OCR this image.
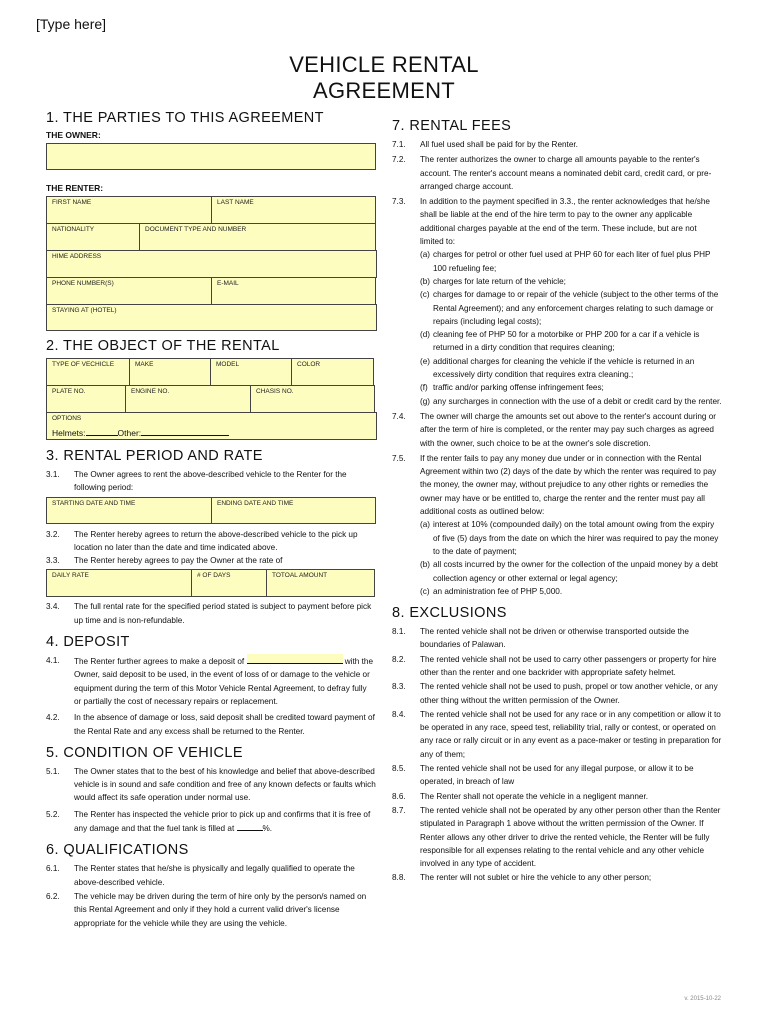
[Type here]
VEHICLE RENTAL
AGREEMENT
1. THE PARTIES TO THIS AGREEMENT
THE OWNER:
THE RENTER:
FIRST NAME	LAST NAME
NATIONALITY	DOCUMENT TYPE AND NUMBER
HIME ADDRESS
PHONE NUMBER(S)	E-MAIL
STAYING AT (HOTEL)
2. THE OBJECT OF THE RENTAL
TYPE OF VECHICLE	MAKE	MODEL	COLOR
PLATE NO.	ENGINE NO.	CHASIS NO.
OPTIONS
Helmets:	Other:
3. RENTAL PERIOD AND RATE
3.1.	The Owner agrees to rent the above-described vehicle to the Renter for the following period:
STARTING DATE AND TIME	ENDING DATE AND TIME
3.2.	The Renter hereby agrees to return the above-described vehicle to the pick up location no later than the date and time indicated above.
3.3.	The Renter hereby agrees to pay the Owner at the rate of
DAILY RATE	# OF DAYS	TOTOAL AMOUNT
3.4.	The full rental rate for the specified period stated is subject to payment before pick up time and is non-refundable.
4. DEPOSIT
4.1.	The Renter further agrees to make a deposit of	with the Owner, said deposit to be used, in the event of loss of or damage to the vehicle or equipment during the term of this Motor Vehicle Rental Agreement, to defray fully or partially the cost of necessary repairs or replacement.
4.2.	In the absence of damage or loss, said deposit shall be credited toward payment of the Rental Rate and any excess shall be returned to the Renter.
5. CONDITION OF VEHICLE
5.1.	The Owner states that to the best of his knowledge and belief that above-described vehicle is in sound and safe condition and free of any known defects or faults which would affect its safe operation under normal use.
5.2.	The Renter has inspected the vehicle prior to pick up and confirms that it is free of any damage and that the fuel tank is filled at	%.
6. QUALIFICATIONS
6.1.	The Renter states that he/she is physically and legally qualified to operate the above-described vehicle.
6.2.	The vehicle may be driven during the term of hire only by the person/s named on this Rental Agreement and only if they hold a current valid driver's license appropriate for the vehicle while they are using the vehicle.
7. RENTAL FEES
7.1.	All fuel used shall be paid for by the Renter.
7.2.	The renter authorizes the owner to charge all amounts payable to the renter's account. The renter's account means a nominated debit card, credit card, or pre-arranged charge account.
7.3.	In addition to the payment specified in 3.3., the renter acknowledges that he/she shall be liable at the end of the hire term to pay to the owner any applicable additional charges payable at the end of the term. These include, but are not limited to:
(a) charges for petrol or other fuel used at PHP 60 for each liter of fuel plus PHP 100 refueling fee;
(b) charges for late return of the vehicle;
(c) charges for damage to or repair of the vehicle (subject to the other terms of the Rental Agreement); and any enforcement charges relating to such damage or repairs (including legal costs);
(d) cleaning fee of PHP 50 for a motorbike or PHP 200 for a car if a vehicle is returned in a dirty condition that requires cleaning;
(e) additional charges for cleaning the vehicle if the vehicle is returned in an excessively dirty condition that requires extra cleaning.;
(f) traffic and/or parking offense infringement fees;
(g) any surcharges in connection with the use of a debit or credit card by the renter.
7.4.	The owner will charge the amounts set out above to the renter's account during or after the term of hire is completed, or the renter may pay such charges as agreed with the owner, such choice to be at the owner's sole discretion.
7.5.	If the renter fails to pay any money due under or in connection with the Rental Agreement within two (2) days of the date by which the renter was required to pay the money, the owner may, without prejudice to any other rights or remedies the owner may have or be entitled to, charge the renter and the renter must pay all additional costs as outlined below:
(a) interest at 10% (compounded daily) on the total amount owing from the expiry of five (5) days from the date on which the hirer was required to pay the money to the date of payment;
(b) all costs incurred by the owner for the collection of the unpaid money by a debt collection agency or other external or legal agency;
(c) an administration fee of PHP 5,000.
8. EXCLUSIONS
8.1.	The rented vehicle shall not be driven or otherwise transported outside the boundaries of Palawan.
8.2.	The rented vehicle shall not be used to carry other passengers or property for hire other than the renter and one backrider with appropriate safety helmet.
8.3.	The rented vehicle shall not be used to push, propel or tow another vehicle, or any other thing without the written permission of the Owner.
8.4.	The rented vehicle shall not be used for any race or in any competition or allow it to be operated in any race, speed test, reliability trial, rally or contest, or operated on any race or rally circuit or in any event as a pace-maker or testing in preparation for any of them;
8.5.	The rented vehicle shall not be used for any illegal purpose, or allow it to be operated, in breach of law
8.6.	The Renter shall not operate the vehicle in a negligent manner.
8.7.	The rented vehicle shall not be operated by any other person other than the Renter stipulated in Paragraph 1 above without the written permission of the Owner. If Renter allows any other driver to drive the rented vehicle, the Renter will be fully responsible for all expenses relating to the rental vehicle and any other vehicle involved in any type of accident.
8.8.	The renter will not sublet or hire the vehicle to any other person;
v. 2015-10-22
